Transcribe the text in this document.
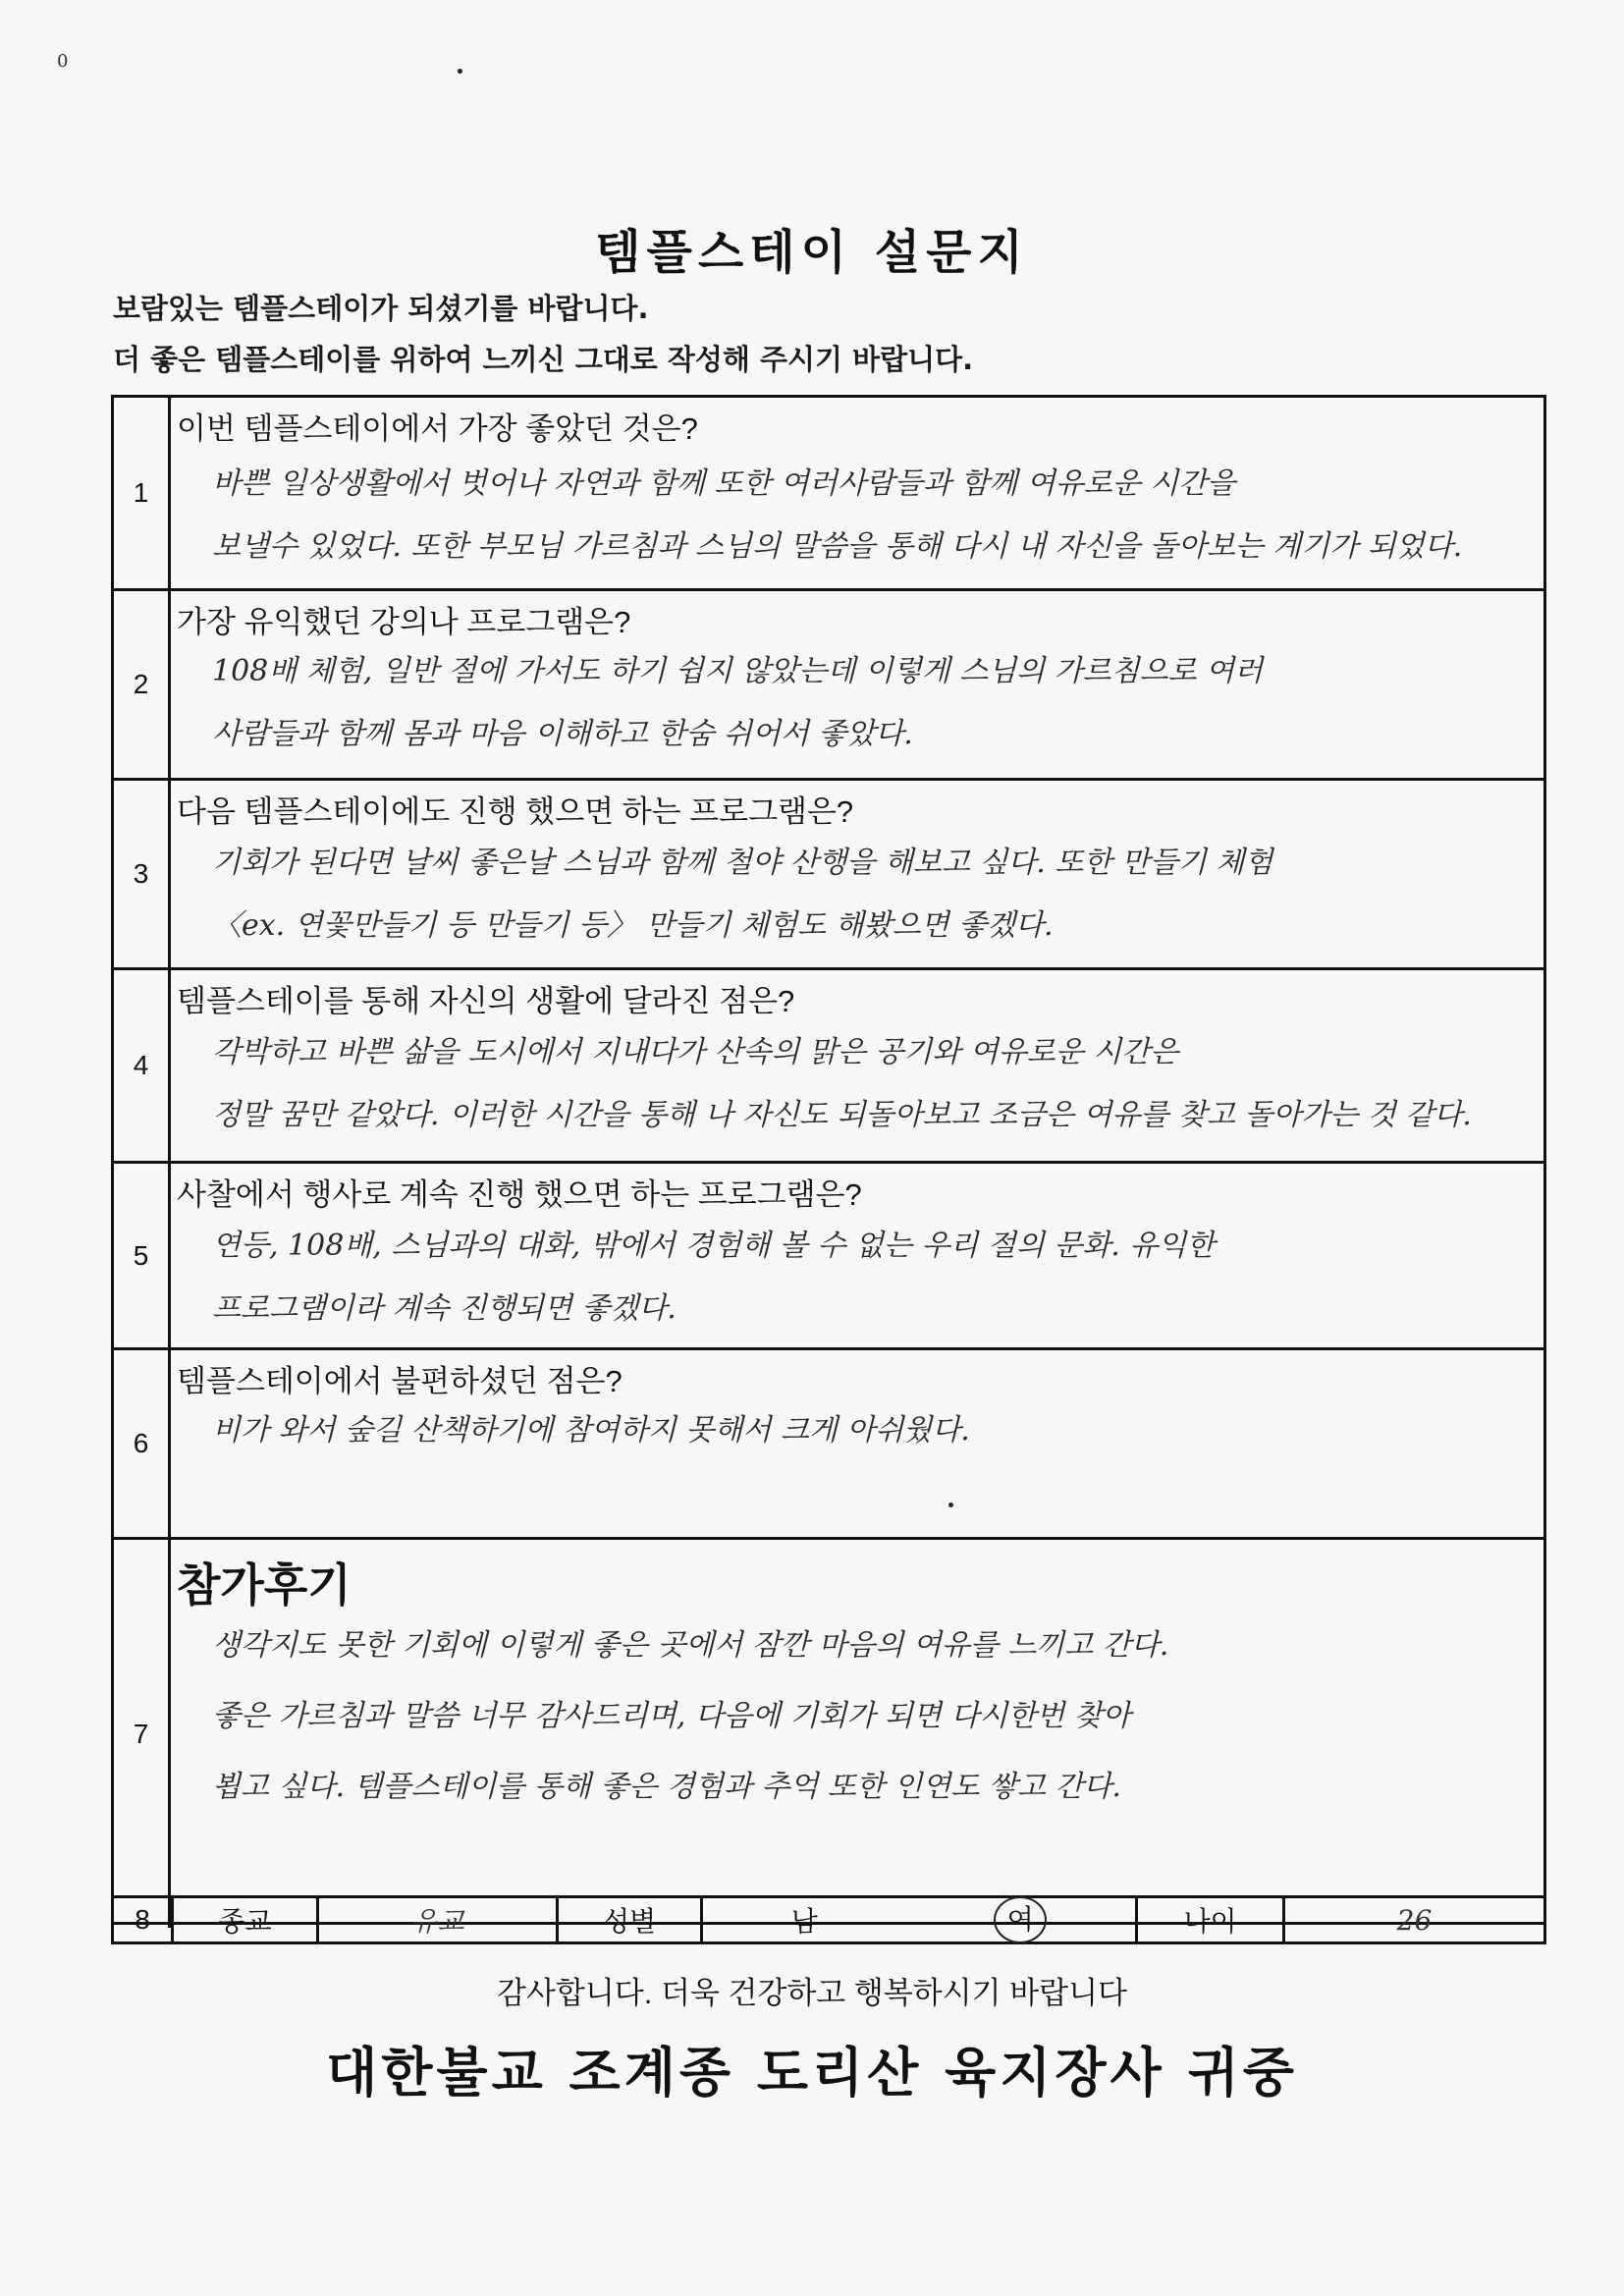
0
템플스테이 설문지
보람있는 템플스테이가 되셨기를 바랍니다.
더 좋은 템플스테이를 위하여 느끼신 그대로 작성해 주시기 바랍니다.
1
이번 템플스테이에서 가장 좋았던 것은?
바쁜 일상생활에서 벗어나 자연과 함께 또한 여러사람들과 함께 여유로운 시간을
보낼수 있었다. 또한 부모님 가르침과 스님의 말씀을 통해 다시 내 자신을 돌아보는 계기가 되었다.
2
가장 유익했던 강의나 프로그램은?
108배 체험, 일반 절에 가서도 하기 쉽지 않았는데 이렇게 스님의 가르침으로 여러
사람들과 함께 몸과 마음 이해하고 한숨 쉬어서 좋았다.
3
다음 템플스테이에도 진행 했으면 하는 프로그램은?
기회가 된다면 날씨 좋은날 스님과 함께 철야 산행을 해보고 싶다. 또한 만들기 체험
〈ex. 연꽃만들기 등 만들기 등〉 만들기 체험도 해봤으면 좋겠다.
4
템플스테이를 통해 자신의 생활에 달라진 점은?
각박하고 바쁜 삶을 도시에서 지내다가 산속의 맑은 공기와 여유로운 시간은
정말 꿈만 같았다. 이러한 시간을 통해 나 자신도 되돌아보고 조금은 여유를 찾고 돌아가는 것 같다.
5
사찰에서 행사로 계속 진행 했으면 하는 프로그램은?
연등, 108배, 스님과의 대화, 밖에서 경험해 볼 수 없는 우리 절의 문화. 유익한
프로그램이라 계속 진행되면 좋겠다.
6
템플스테이에서 불편하셨던 점은?
비가 와서 숲길 산책하기에 참여하지 못해서 크게 아쉬웠다.
7
참가후기
생각지도 못한 기회에 이렇게 좋은 곳에서 잠깐 마음의 여유를 느끼고 간다.
좋은 가르침과 말씀 너무 감사드리며, 다음에 기회가 되면 다시한번 찾아
뵙고 싶다. 템플스테이를 통해 좋은 경험과 추억 또한 인연도 쌓고 간다.
8	종교	유교	성별	남	여	나이	26
감사합니다. 더욱 건강하고 행복하시기 바랍니다
대한불교 조계종 도리산 육지장사 귀중
